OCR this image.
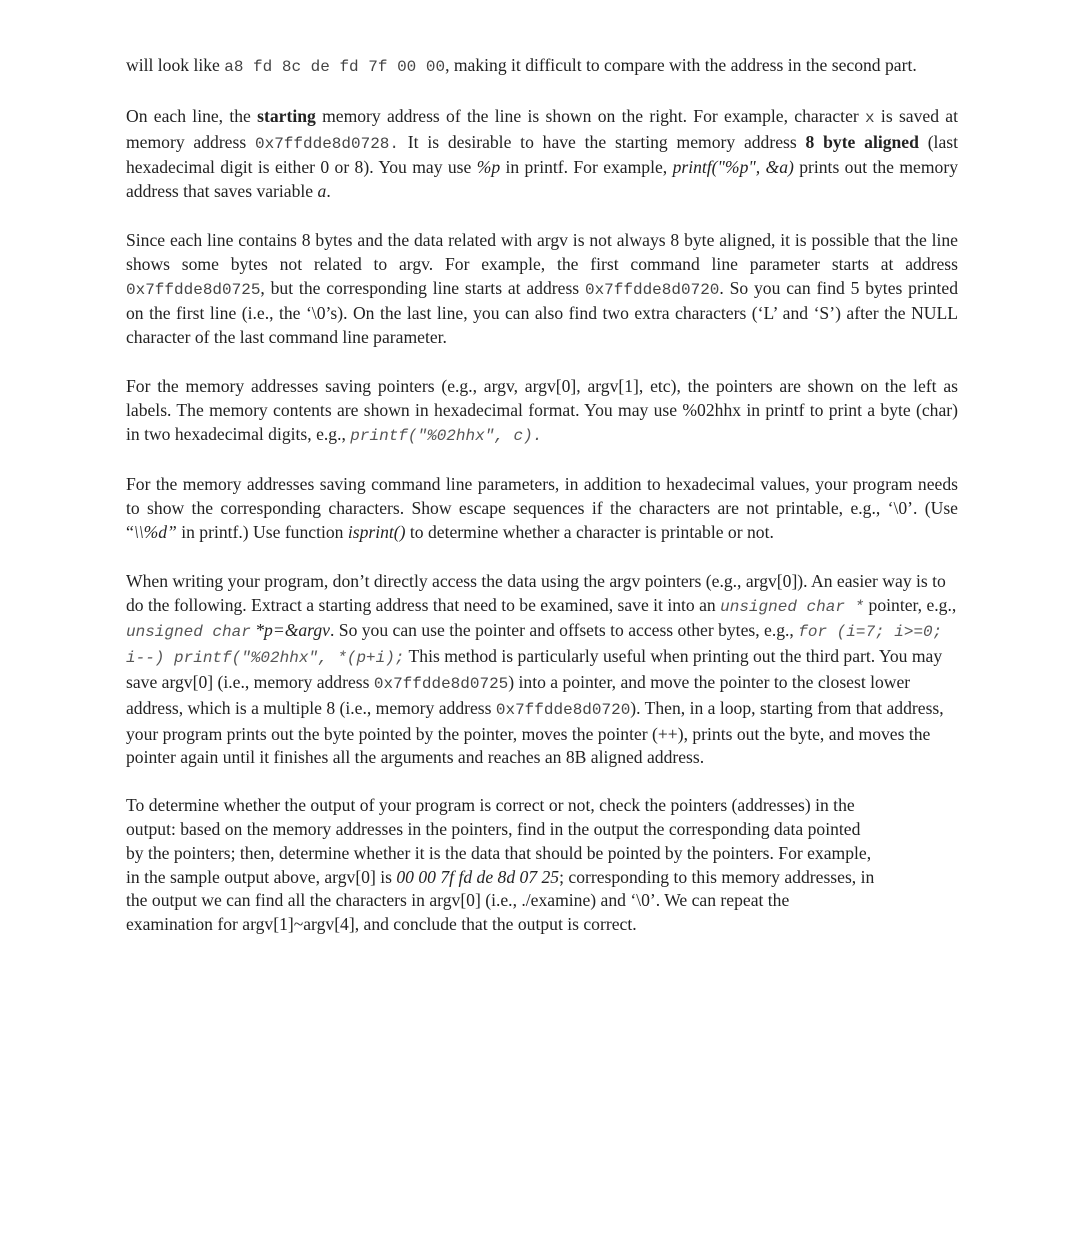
will look like a8 fd 8c de fd 7f 00 00, making it difficult to compare with the address in the second part.

On each line, the starting memory address of the line is shown on the right. For example, character x is saved at memory address 0x7ffdde8d0728. It is desirable to have the starting memory address 8 byte aligned (last hexadecimal digit is either 0 or 8). You may use %p in printf. For example, printf("%p", &a) prints out the memory address that saves variable a.

Since each line contains 8 bytes and the data related with argv is not always 8 byte aligned, it is possible that the line shows some bytes not related to argv. For example, the first command line parameter starts at address 0x7ffdde8d0725, but the corresponding line starts at address 0x7ffdde8d0720. So you can find 5 bytes printed on the first line (i.e., the ‘\0’s). On the last line, you can also find two extra characters (‘L’ and ‘S’) after the NULL character of the last command line parameter.

For the memory addresses saving pointers (e.g., argv, argv[0], argv[1], etc), the pointers are shown on the left as labels. The memory contents are shown in hexadecimal format. You may use %02hhx in printf to print a byte (char) in two hexadecimal digits, e.g., printf("%02hhx", c).

For the memory addresses saving command line parameters, in addition to hexadecimal values, your program needs to show the corresponding characters. Show escape sequences if the characters are not printable, e.g., ‘\0’. (Use “\\%d” in printf.) Use function isprint() to determine whether a character is printable or not.

When writing your program, don’t directly access the data using the argv pointers (e.g., argv[0]). An easier way is to do the following. Extract a starting address that need to be examined, save it into an unsigned char * pointer, e.g., unsigned char *p=&argv. So you can use the pointer and offsets to access other bytes, e.g., for (i=7; i>=0; i--) printf("%02hhx", *(p+i); This method is particularly useful when printing out the third part. You may save argv[0] (i.e., memory address 0x7ffdde8d0725) into a pointer, and move the pointer to the closest lower address, which is a multiple 8 (i.e., memory address 0x7ffdde8d0720). Then, in a loop, starting from that address, your program prints out the byte pointed by the pointer, moves the pointer (++), prints out the byte, and moves the pointer again until it finishes all the arguments and reaches an 8B aligned address.

To determine whether the output of your program is correct or not, check the pointers (addresses) in the
output: based on the memory addresses in the pointers, find in the output the corresponding data pointed
by the pointers; then, determine whether it is the data that should be pointed by the pointers. For example,
in the sample output above, argv[0] is 00 00 7f fd de 8d 07 25; corresponding to this memory addresses, in
the output we can find all the characters in argv[0] (i.e., ./examine) and ‘\0’. We can repeat the
examination for argv[1]~argv[4], and conclude that the output is correct.
